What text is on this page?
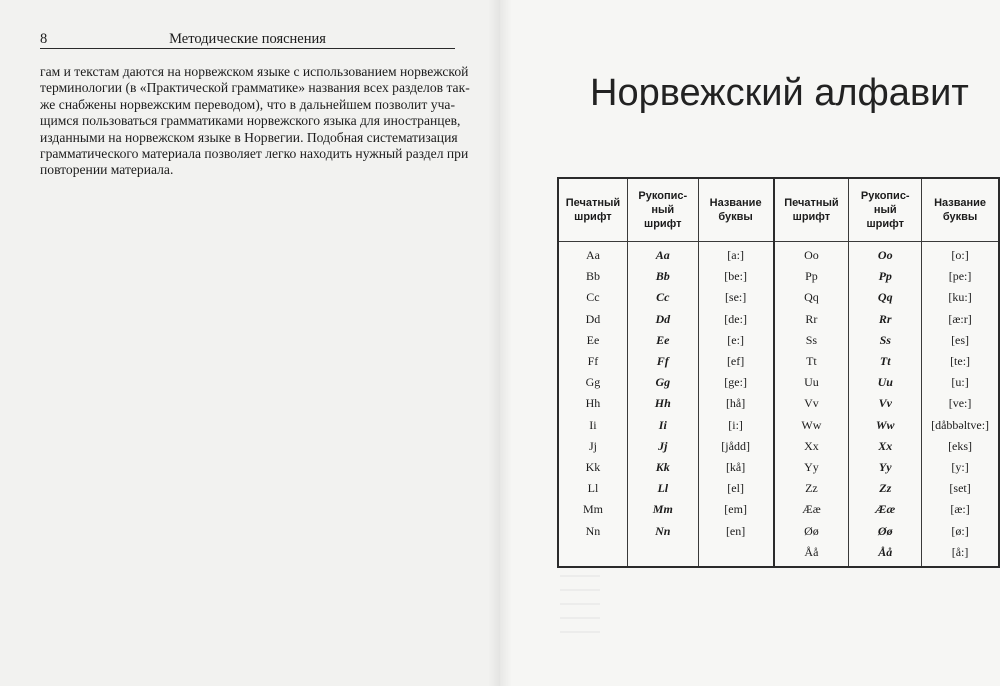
8	Методические пояснения
гам и текстам даются на норвежском языке с использованием норвежской
терминологии (в «Практической грамматике» названия всех разделов так-
же снабжены норвежским переводом), что в дальнейшем позволит уча-
щимся пользоваться грамматиками норвежского языка для иностранцев,
изданными на норвежском языке в Норвегии. Подобная систематизация
грамматического материала позволяет легко находить нужный раздел при
повторении материала.
Норвежский алфавит
Печатный
шрифт	Рукопис-
ный
шрифт	Название
буквы	Печатный
шрифт	Рукопис-
ный
шрифт	Название
буквы
Aa	Aa	[a:]	Oo	Oo	[o:]
Bb	Bb	[be:]	Pp	Pp	[pe:]
Cc	Cc	[se:]	Qq	Qq	[ku:]
Dd	Dd	[de:]	Rr	Rr	[æ:r]
Ee	Ee	[e:]	Ss	Ss	[es]
Ff	Ff	[ef]	Tt	Tt	[te:]
Gg	Gg	[ge:]	Uu	Uu	[u:]
Hh	Hh	[hå]	Vv	Vv	[ve:]
Ii	Ii	[i:]	Ww	Ww	[dåbbəltve:]
Jj	Jj	[jådd]	Xx	Xx	[eks]
Kk	Kk	[kå]	Yy	Yy	[y:]
Ll	Ll	[el]	Zz	Zz	[set]
Mm	Mm	[em]	Ææ	Ææ	[æ:]
Nn	Nn	[en]	Øø	Øø	[ø:]
			Åå	Åå	[å:]
